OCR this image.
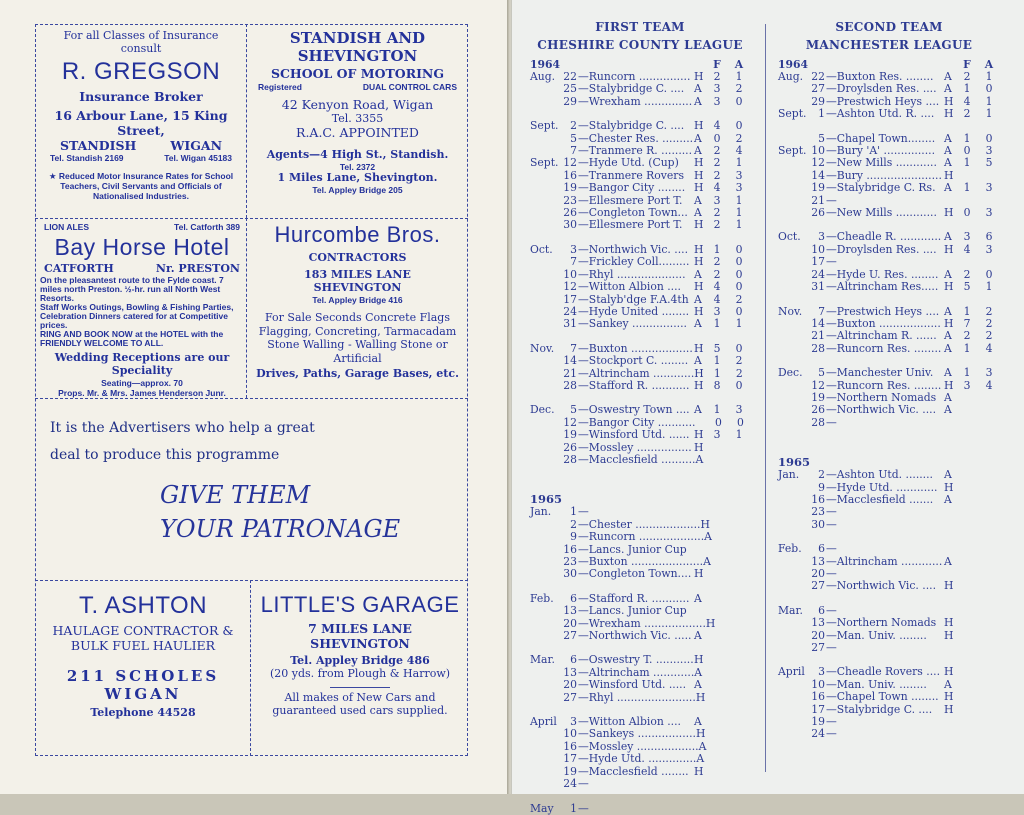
For all Classes of Insurance
consult
R. GREGSON
Insurance Broker
16 Arbour Lane, 15 King Street,
STANDISH	WIGAN
Tel. Standish 2169	Tel. Wigan 45183
★ Reduced Motor Insurance Rates for School Teachers, Civil Servants and Officials of Nationalised Industries.
STANDISH AND SHEVINGTON
SCHOOL OF MOTORING
Registered	DUAL CONTROL CARS
42 Kenyon Road, Wigan
Tel. 3355
R.A.C. APPOINTED
Agents—4 High St., Standish.
Tel. 2372
1 Miles Lane, Shevington.
Tel. Appley Bridge 205
LION ALES	Tel. Catforth 389
Bay Horse Hotel
CATFORTH	Nr. PRESTON
On the pleasantest route to the Fylde coast. 7 miles north Preston. ½-hr. run all North West Resorts.
Staff Works Outings, Bowling & Fishing Parties, Celebration Dinners catered for at Competitive prices.
RING AND BOOK NOW at the HOTEL with the FRIENDLY WELCOME TO ALL.
Wedding Receptions are our Speciality
Seating—approx. 70
Props. Mr. & Mrs. James Henderson Junr.
Hurcombe Bros.
CONTRACTORS
183 MILES LANE
SHEVINGTON
Tel. Appley Bridge 416
For Sale Seconds Concrete Flags Flagging, Concreting, Tarmacadam Stone Walling - Walling Stone or Artificial
Drives, Paths, Garage Bases, etc.
It is the Advertisers who help a great
deal to produce this programme
GIVE THEM
YOUR PATRONAGE
T. ASHTON
HAULAGE CONTRACTOR &
BULK FUEL HAULIER
211 SCHOLES
WIGAN
Telephone 44528
LITTLE'S GARAGE
7 MILES LANE
SHEVINGTON
Tel. Appley Bridge 486
(20 yds. from Plough & Harrow)
All makes of New Cars and guaranteed used cars supplied.
FIRST TEAM
CHESHIRE COUNTY LEAGUE
1964	F	A
Aug. 22 —Runcorn ............... H 2	1
25 —Stalybridge C. .... A	3	2
29 —Wrexham .............. A	3	0
Sept.	2 —Stalybridge C. .... H 4	0
5 —Chester Res. ......... A	0	2
7 —Tranmere R. ......... A	2	4
Sept. 12 —Hyde Utd. (Cup)	H 2	1
16 —Tranmere Rovers H 2	3
19 —Bangor City ........ H 4	3
23 —Ellesmere Port T.	A	3	1
26 —Congleton Town... A	2	1
30 —Ellesmere Port T.	H 2	1
Oct.	3 —Northwich Vic. .... H 1	0
7 —Frickley Coll......... H 2	0
10 —Rhyl .................... A	2	0
12 —Witton Albion ....	H 4	0
17 —Stalyb'dge F.A.4th A	4	2
24 —Hyde United ........ H 3	0
31 —Sankey ................ A	1	1
Nov.	7 —Buxton .................. H 5	0
14 —Stockport C. ........ A	1	2
21 —Altrincham ............ H 1	2
28 —Stafford R. ........... H 8	0
Dec.	5 —Oswestry Town .... A	1	3
12 —Bangor City ...........	0	0
19 —Winsford Utd. ...... H 3	1
26 —Mossley ................ H
28 —Macclesfield .......... A
1965
Jan.	1 —
2 —Chester ................... H
9 —Runcorn ................... A
16 —Lancs. Junior Cup
23 —Buxton ..................... A
30 —Congleton Town.... H
Feb.	6 —Stafford R. ........... A
13 —Lancs. Junior Cup
20 —Wrexham .................. H
27 —Northwich Vic. ..... A
Mar.	6 —Oswestry T. ........... H
13 —Altrincham ............ A
20 —Winsford Utd. ..... A
27 —Rhyl ....................... H
April	3 —Witton Albion ....	A
10 —Sankeys ................. H
16 —Mossley .................. A
17 —Hyde Utd. .............. A
19 —Macclesfield ........ H
24 —
May	1 —
SECOND TEAM
MANCHESTER LEAGUE
1964	F	A
Aug. 22 —Buxton Res. ........ A	2	1
27 —Droylsden Res. .... A	1	0
29 —Prestwich Heys .... H 4	1
Sept.	1 —Ashton Utd. R. .... H 2	1
5 —Chapel Town........ A	1	0
Sept. 10 —Bury 'A' ............... A	0	3
12 —New Mills ............ A	1	5
14 —Bury ...................... H
19 —Stalybridge C. Rs. A	1	3
21 —
26 —New Mills ............ H 0	3
Oct.	3 —Cheadle R. ............ A	3	6
10 —Droylsden Res. .... H 4	3
17 —
24 —Hyde U. Res. ........ A	2	0
31 —Altrincham Res..... H 5	1
Nov.	7 —Prestwich Heys .... A	1	2
14 —Buxton .................. H 7	2
21 —Altrincham R. ...... A	2	2
28 —Runcorn Res. ........ A	1	4
Dec.	5 —Manchester Univ. A	1	3
12 —Runcorn Res. ........ H 3	4
19 —Northern Nomads A
26 —Northwich Vic. .... A
28 —
1965
Jan.	2 —Ashton Utd. ........	A
9 —Hyde Utd. ............ H
16 —Macclesfield .......	A
23 —
30 —
Feb.	6 —
13 —Altrincham ............ A
20 —
27 —Northwich Vic. .... H
Mar.	6 —
13 —Northern Nomads H
20 —Man. Univ. ........	H
27 —
April	3 —Cheadle Rovers .... H
10 —Man. Univ. ........	A
16 —Chapel Town ........ H
17 —Stalybridge C. ....	H
19 —
24 —
